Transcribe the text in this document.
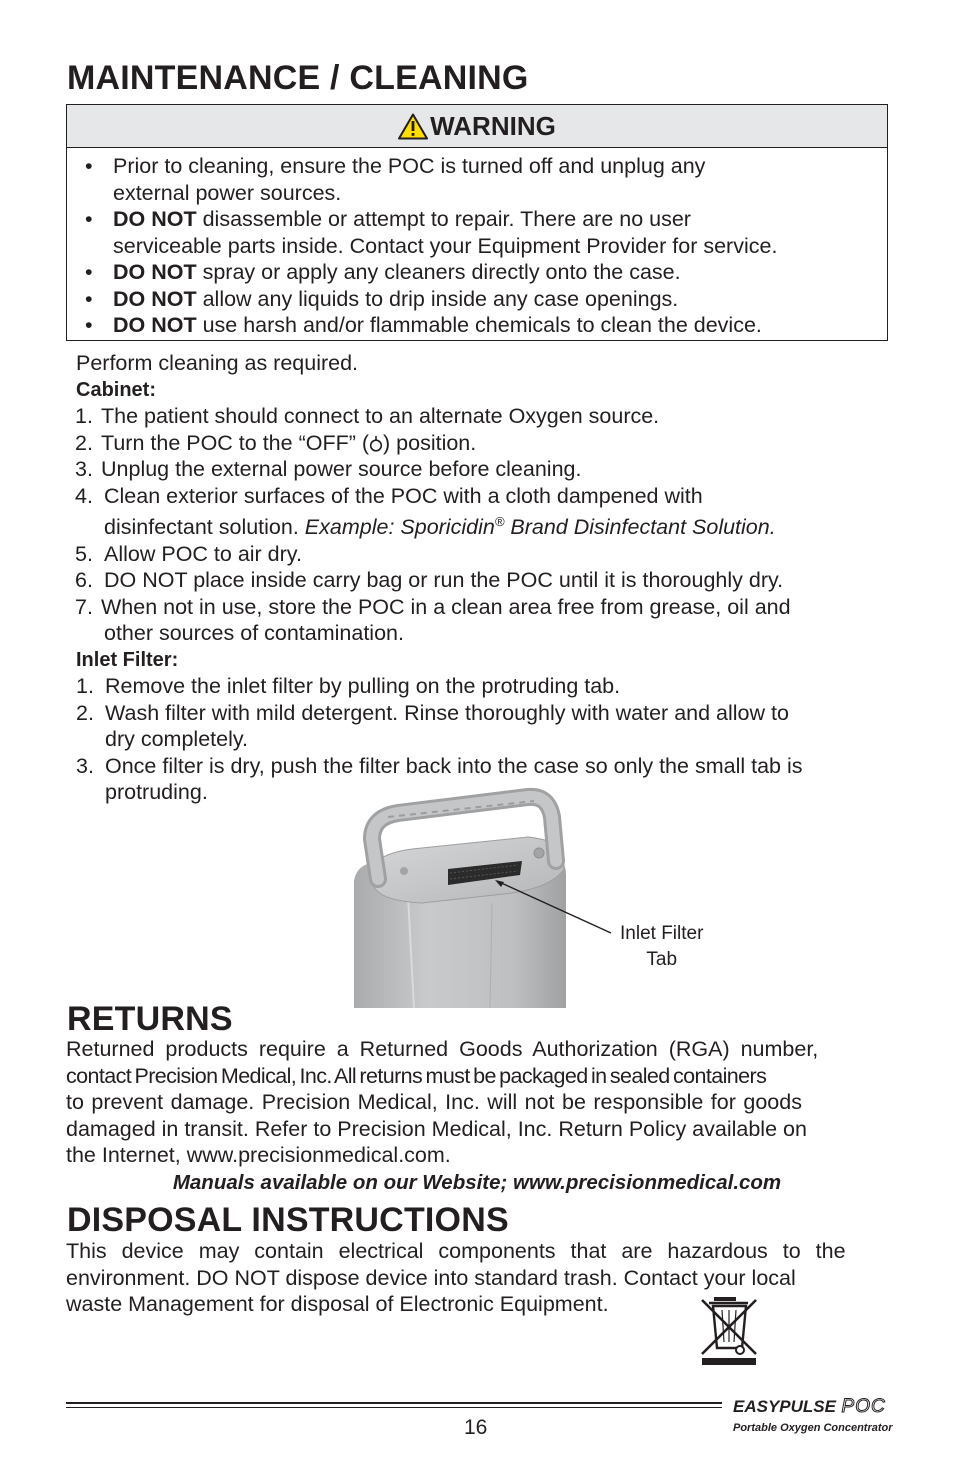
MAINTENANCE / CLEANING
WARNING
• Prior to cleaning, ensure the POC is turned off and unplug any
external power sources.
• DO NOT disassemble or attempt to repair. There are no user
serviceable parts inside. Contact your Equipment Provider for service.
• DO NOT spray or apply any cleaners directly onto the case.
• DO NOT allow any liquids to drip inside any case openings.
• DO NOT use harsh and/or flammable chemicals to clean the device.
Perform cleaning as required.
Cabinet:
1. The patient should connect to an alternate Oxygen source.
2. Turn the POC to the “OFF” ( ) position.
3. Unplug the external power source before cleaning.
4. Clean exterior surfaces of the POC with a cloth dampened with
disinfectant solution. Example: Sporicidin® Brand Disinfectant Solution.
5. Allow POC to air dry.
6. DO NOT place inside carry bag or run the POC until it is thoroughly dry.
7. When not in use, store the POC in a clean area free from grease, oil and
other sources of contamination.
Inlet Filter:
1. Remove the inlet filter by pulling on the protruding tab.
2. Wash filter with mild detergent. Rinse thoroughly with water and allow to
dry completely.
3. Once filter is dry, push the filter back into the case so only the small tab is
protruding.
Inlet Filter
Tab
RETURNS
Returned products require a Returned Goods Authorization (RGA) number,
contact Precision Medical, Inc. All returns must be packaged in sealed containers
to prevent damage. Precision Medical, Inc. will not be responsible for goods
damaged in transit. Refer to Precision Medical, Inc. Return Policy available on
the Internet, www.precisionmedical.com.
Manuals available on our Website; www.precisionmedical.com
DISPOSAL INSTRUCTIONS
This device may contain electrical components that are hazardous to the
environment. DO NOT dispose device into standard trash. Contact your local
waste Management for disposal of Electronic Equipment.
16
EASYPULSE POC
Portable Oxygen Concentrator
